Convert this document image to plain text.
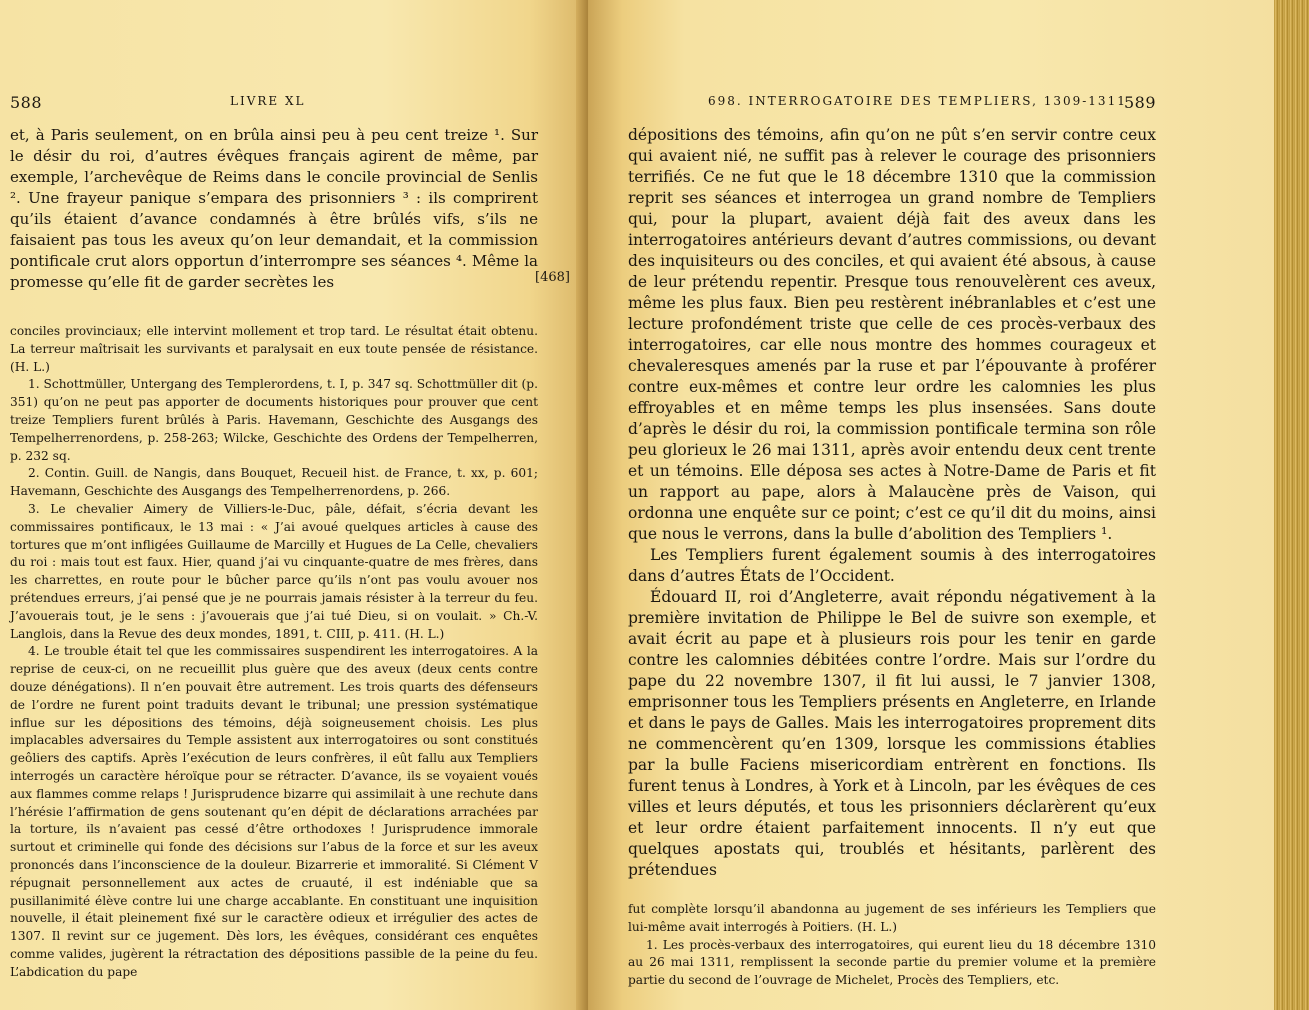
588	LIVRE XL

et, à Paris seulement, on en brûla ainsi peu à peu cent treize ¹. Sur le désir du roi, d’autres évêques français agirent de même, par exemple, l’archevêque de Reims dans le concile provincial de Senlis ². Une frayeur panique s’empara des prisonniers ³ : ils comprirent qu’ils étaient d’avance condamnés à être brûlés vifs, s’ils ne faisaient pas tous les aveux qu’on leur demandait, et la commission pontificale crut alors opportun d’interrompre ses séances ⁴. Même la promesse qu’elle fit de garder secrètes les

conciles provinciaux; elle intervint mollement et trop tard. Le résultat était obtenu. La terreur maîtrisait les survivants et paralysait en eux toute pensée de résistance. (H. L.)

1. Schottmüller, Untergang des Templerordens, t. I, p. 347 sq. Schottmüller dit (p. 351) qu’on ne peut pas apporter de documents historiques pour prouver que cent treize Templiers furent brûlés à Paris. Havemann, Geschichte des Ausgangs des Tempelherrenordens, p. 258-263; Wilcke, Geschichte des Ordens der Tempelherren, p. 232 sq.

2. Contin. Guill. de Nangis, dans Bouquet, Recueil hist. de France, t. xx, p. 601; Havemann, Geschichte des Ausgangs des Tempelherrenordens, p. 266.

3. Le chevalier Aimery de Villiers-le-Duc, pâle, défait, s’écria devant les commissaires pontificaux, le 13 mai : « J’ai avoué quelques articles à cause des tortures que m’ont infligées Guillaume de Marcilly et Hugues de La Celle, chevaliers du roi : mais tout est faux. Hier, quand j’ai vu cinquante-quatre de mes frères, dans les charrettes, en route pour le bûcher parce qu’ils n’ont pas voulu avouer nos prétendues erreurs, j’ai pensé que je ne pourrais jamais résister à la terreur du feu. J’avouerais tout, je le sens : j’avouerais que j’ai tué Dieu, si on voulait. » Ch.-V. Langlois, dans la Revue des deux mondes, 1891, t. CIII, p. 411. (H. L.)

4. Le trouble était tel que les commissaires suspendirent les interrogatoires. A la reprise de ceux-ci, on ne recueillit plus guère que des aveux (deux cents contre douze dénégations). Il n’en pouvait être autrement. Les trois quarts des défenseurs de l’ordre ne furent point traduits devant le tribunal; une pression systématique influe sur les dépositions des témoins, déjà soigneusement choisis. Les plus implacables adversaires du Temple assistent aux interrogatoires ou sont constitués geôliers des captifs. Après l’exécution de leurs confrères, il eût fallu aux Templiers interrogés un caractère héroïque pour se rétracter. D’avance, ils se voyaient voués aux flammes comme relaps ! Jurisprudence bizarre qui assimilait à une rechute dans l’hérésie l’affirmation de gens soutenant qu’en dépit de déclarations arrachées par la torture, ils n’avaient pas cessé d’être orthodoxes ! Jurisprudence immorale surtout et criminelle qui fonde des décisions sur l’abus de la force et sur les aveux prononcés dans l’inconscience de la douleur. Bizarrerie et immoralité. Si Clément V répugnait personnellement aux actes de cruauté, il est indéniable que sa pusillanimité élève contre lui une charge accablante. En constituant une inquisition nouvelle, il était pleinement fixé sur le caractère odieux et irrégulier des actes de 1307. Il revint sur ce jugement. Dès lors, les évêques, considérant ces enquêtes comme valides, jugèrent la rétractation des dépositions passible de la peine du feu. L’abdication du pape

698. INTERROGATOIRE DES TEMPLIERS, 1309-1311
589

dépositions des témoins, afin qu’on ne pût s’en servir contre ceux qui avaient nié, ne suffit pas à relever le courage des prisonniers terrifiés. Ce ne fut que le 18 décembre 1310 que la commission reprit ses séances et interrogea un grand nombre de Templiers qui, pour la plupart, avaient déjà fait des aveux dans les interrogatoires antérieurs devant d’autres commissions, ou devant des inquisiteurs ou des conciles, et qui avaient été absous, à cause de leur prétendu repentir. Presque tous renouvelèrent ces aveux, même les plus faux. Bien peu restèrent inébranlables et c’est une lecture profondément triste que celle de ces procès-verbaux des interrogatoires, car elle nous montre des hommes courageux et chevaleresques amenés par la ruse et par l’épouvante à proférer contre eux-mêmes et contre leur ordre les calomnies les plus effroyables et en même temps les plus insensées. Sans doute d’après le désir du roi, la commission pontificale termina son rôle peu glorieux le 26 mai 1311, après avoir entendu deux cent trente et un témoins. Elle déposa ses actes à Notre-Dame de Paris et fit un rapport au pape, alors à Malaucène près de Vaison, qui ordonna une enquête sur ce point; c’est ce qu’il dit du moins, ainsi que nous le verrons, dans la bulle d’abolition des Templiers ¹.

Les Templiers furent également soumis à des interrogatoires dans d’autres États de l’Occident.

Édouard II, roi d’Angleterre, avait répondu négativement à la première invitation de Philippe le Bel de suivre son exemple, et avait écrit au pape et à plusieurs rois pour les tenir en garde contre les calomnies débitées contre l’ordre. Mais sur l’ordre du pape du 22 novembre 1307, il fit lui aussi, le 7 janvier 1308, emprisonner tous les Templiers présents en Angleterre, en Irlande et dans le pays de Galles. Mais les interrogatoires proprement dits ne commencèrent qu’en 1309, lorsque les commissions établies par la bulle Faciens misericordiam entrèrent en fonctions. Ils furent tenus à Londres, à York et à Lincoln, par les évêques de ces villes et leurs députés, et tous les prisonniers déclarèrent qu’eux et leur ordre étaient parfaitement innocents. Il n’y eut que quelques apostats qui, troublés et hésitants, parlèrent des prétendues

fut complète lorsqu’il abandonna au jugement de ses inférieurs les Templiers que lui-même avait interrogés à Poitiers. (H. L.)

1. Les procès-verbaux des interrogatoires, qui eurent lieu du 18 décembre 1310 au 26 mai 1311, remplissent la seconde partie du premier volume et la première partie du second de l’ouvrage de Michelet, Procès des Templiers, etc.

[468]
